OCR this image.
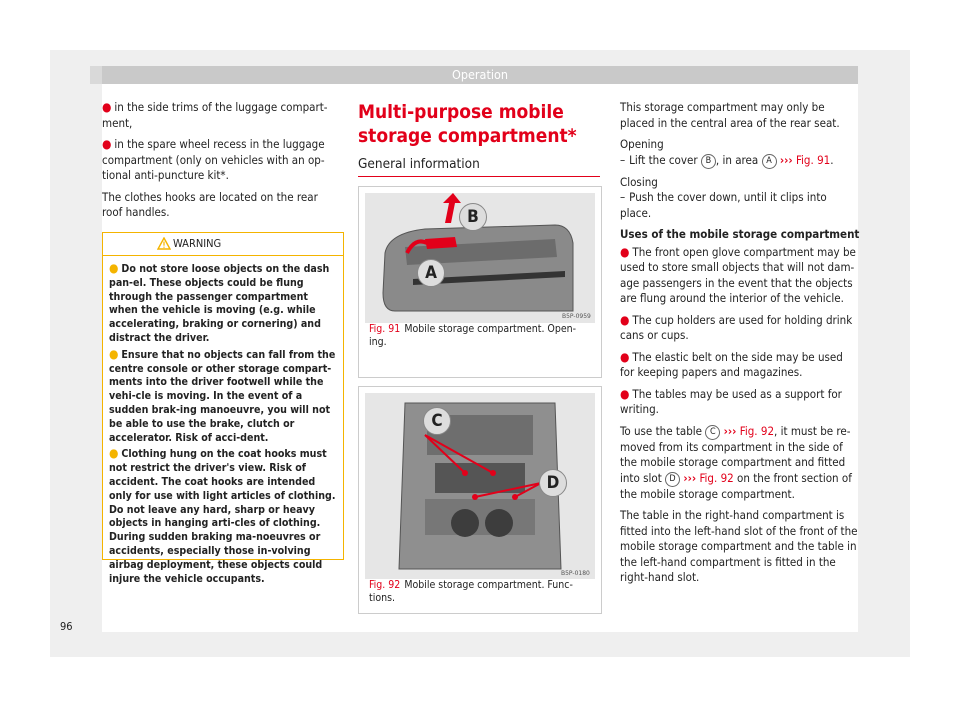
Operation

● in the side trims of the luggage compart- ment,

● in the spare wheel recess in the luggage compartment (only on vehicles with an op-tional anti-puncture kit*.

The clothes hooks are located on the rear roof handles.

WARNING

● Do not store loose objects on the dash pan-el. These objects could be flung through the passenger compartment when the vehicle is moving (e.g. while accelerating, braking or cornering) and distract the driver.

● Ensure that no objects can fall from the centre console or other storage compart-ments into the driver footwell while the vehi-cle is moving. In the event of a sudden brak-ing manoeuvre, you will not be able to use the brake, clutch or accelerator. Risk of acci-dent.

● Clothing hung on the coat hooks must not restrict the driver's view. Risk of accident. The coat hooks are intended only for use with light articles of clothing. Do not leave any hard, sharp or heavy objects in hanging arti-cles of clothing. During sudden braking ma-noeuvres or accidents, especially those in-volving airbag deployment, these objects could injure the vehicle occupants.

Multi-purpose mobile storage compartment*
General information
B5P-0959
B
A
Fig. 91 Mobile storage compartment. Open-ing.
B5P-0180
C
D
Fig. 92 Mobile storage compartment. Func-tions.

This storage compartment may only be placed in the central area of the rear seat.

Opening

– Lift the cover B , in area A ››› Fig. 91.

Closing

– Push the cover down, until it clips into place.

Uses of the mobile storage compartment

● The front open glove compartment may be used to store small objects that will not dam-age passengers in the event that the objects are flung around the interior of the vehicle.

● The cup holders are used for holding drink cans or cups.

● The elastic belt on the side may be used for keeping papers and magazines.

● The tables may be used as a support for writing.

To use the table C ››› Fig. 92, it must be re-moved from its compartment in the side of the mobile storage compartment and fitted into slot D ››› Fig. 92 on the front section of the mobile storage compartment.

The table in the right-hand compartment is fitted into the left-hand slot of the front of the mobile storage compartment and the table in the left-hand compartment is fitted in the right-hand slot.

96
